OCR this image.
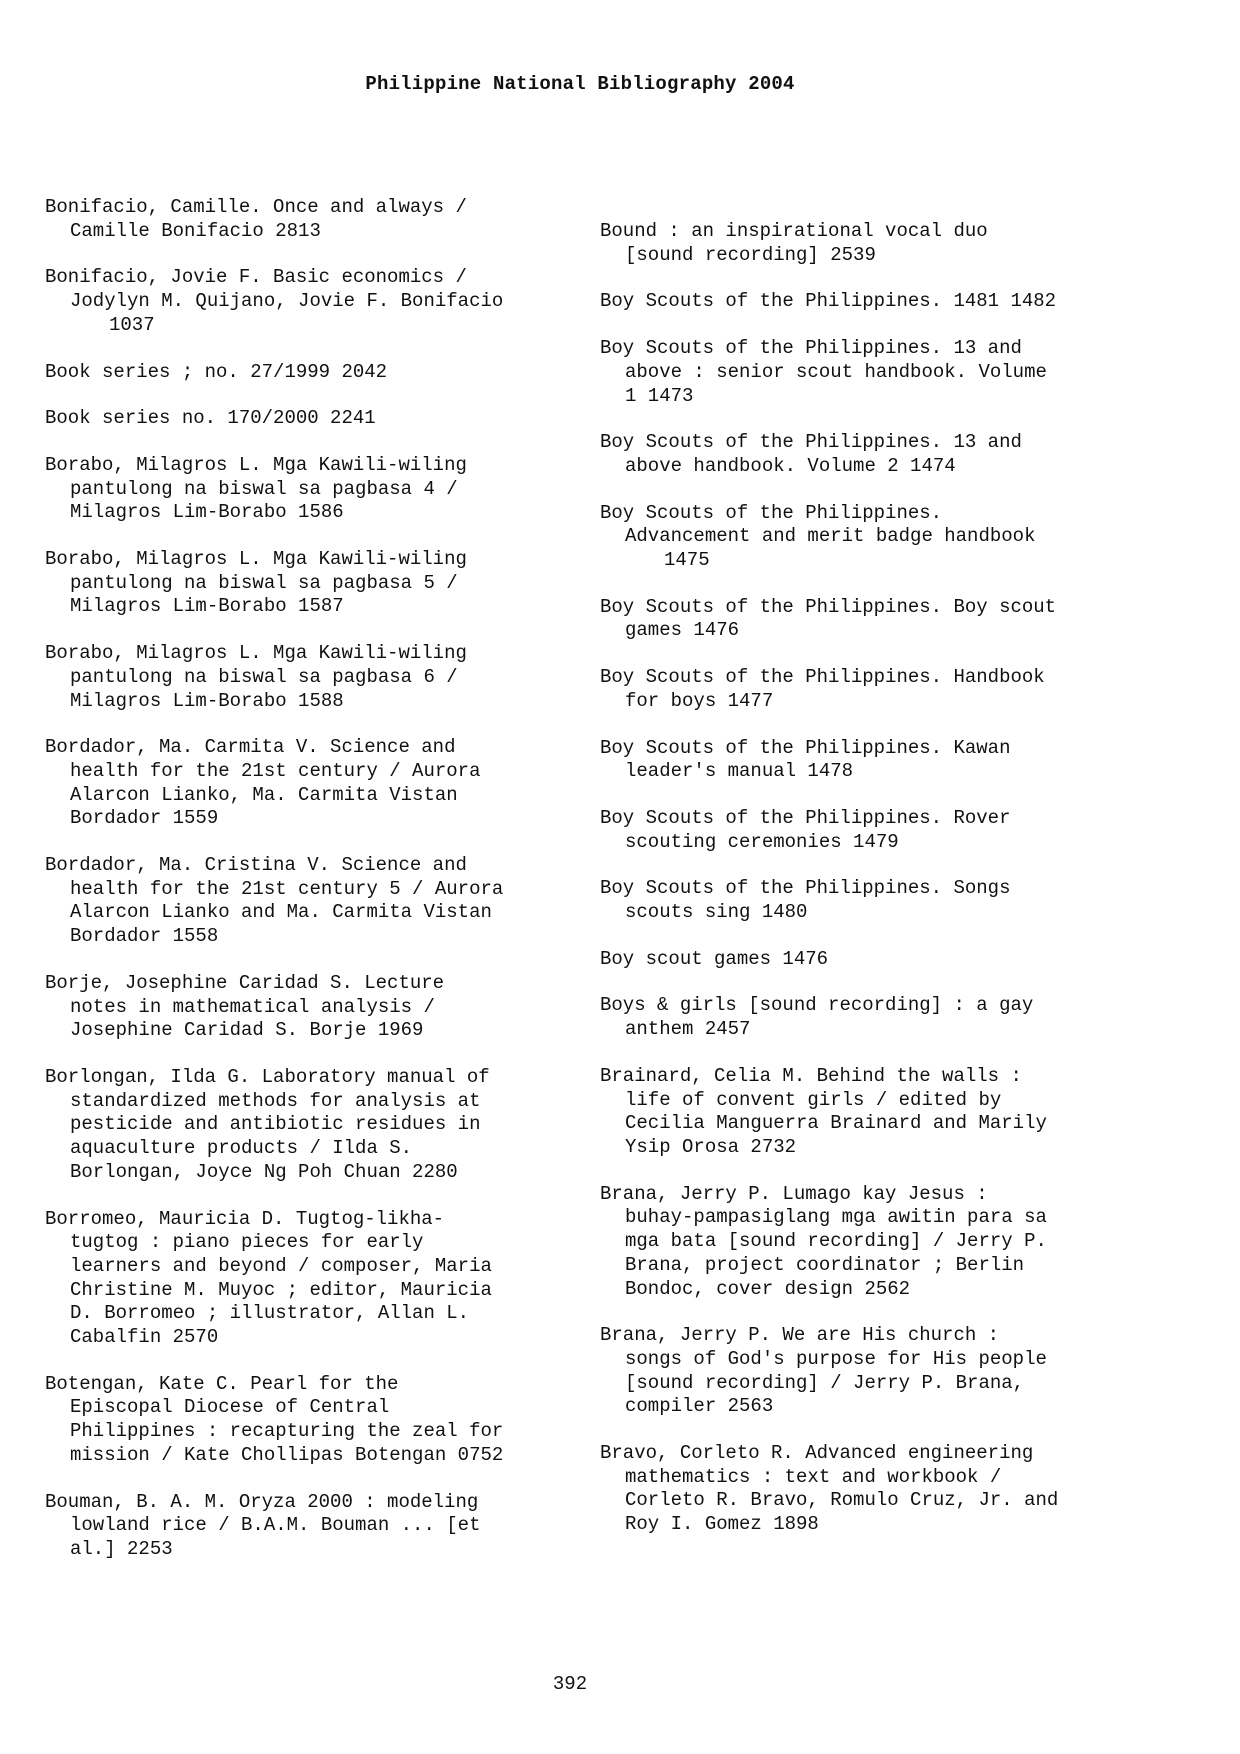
Philippine National Bibliography 2004
Bonifacio, Camille. Once and always /
Camille Bonifacio 2813
Bonifacio, Jovie F. Basic economics /
Jodylyn M. Quijano, Jovie F. Bonifacio
1037
Book series ; no. 27/1999 2042
Book series no. 170/2000 2241
Borabo, Milagros L. Mga Kawili-wiling
pantulong na biswal sa pagbasa 4 /
Milagros Lim-Borabo 1586
Borabo, Milagros L. Mga Kawili-wiling
pantulong na biswal sa pagbasa 5 /
Milagros Lim-Borabo 1587
Borabo, Milagros L. Mga Kawili-wiling
pantulong na biswal sa pagbasa 6 /
Milagros Lim-Borabo 1588
Bordador, Ma. Carmita V. Science and
health for the 21st century / Aurora
Alarcon Lianko, Ma. Carmita Vistan
Bordador 1559
Bordador, Ma. Cristina V. Science and
health for the 21st century 5 / Aurora
Alarcon Lianko and Ma. Carmita Vistan
Bordador 1558
Borje, Josephine Caridad S. Lecture
notes in mathematical analysis /
Josephine Caridad S. Borje 1969
Borlongan, Ilda G. Laboratory manual of
standardized methods for analysis at
pesticide and antibiotic residues in
aquaculture products / Ilda S.
Borlongan, Joyce Ng Poh Chuan 2280
Borromeo, Mauricia D. Tugtog-likha-
tugtog : piano pieces for early
learners and beyond / composer, Maria
Christine M. Muyoc ; editor, Mauricia
D. Borromeo ; illustrator, Allan L.
Cabalfin 2570
Botengan, Kate C. Pearl for the
Episcopal Diocese of Central
Philippines : recapturing the zeal for
mission / Kate Chollipas Botengan 0752
Bouman, B. A. M. Oryza 2000 : modeling
lowland rice / B.A.M. Bouman ... [et
al.] 2253
Bound : an inspirational vocal duo
[sound recording] 2539
Boy Scouts of the Philippines. 1481 1482
Boy Scouts of the Philippines. 13 and
above : senior scout handbook. Volume
1 1473
Boy Scouts of the Philippines. 13 and
above handbook. Volume 2 1474
Boy Scouts of the Philippines.
Advancement and merit badge handbook
1475
Boy Scouts of the Philippines. Boy scout
games 1476
Boy Scouts of the Philippines. Handbook
for boys 1477
Boy Scouts of the Philippines. Kawan
leader's manual 1478
Boy Scouts of the Philippines. Rover
scouting ceremonies 1479
Boy Scouts of the Philippines. Songs
scouts sing 1480
Boy scout games 1476
Boys & girls [sound recording] : a gay
anthem 2457
Brainard, Celia M. Behind the walls :
life of convent girls / edited by
Cecilia Manguerra Brainard and Marily
Ysip Orosa 2732
Brana, Jerry P. Lumago kay Jesus :
buhay-pampasiglang mga awitin para sa
mga bata [sound recording] / Jerry P.
Brana, project coordinator ; Berlin
Bondoc, cover design 2562
Brana, Jerry P. We are His church :
songs of God's purpose for His people
[sound recording] / Jerry P. Brana,
compiler 2563
Bravo, Corleto R. Advanced engineering
mathematics : text and workbook /
Corleto R. Bravo, Romulo Cruz, Jr. and
Roy I. Gomez 1898
392
